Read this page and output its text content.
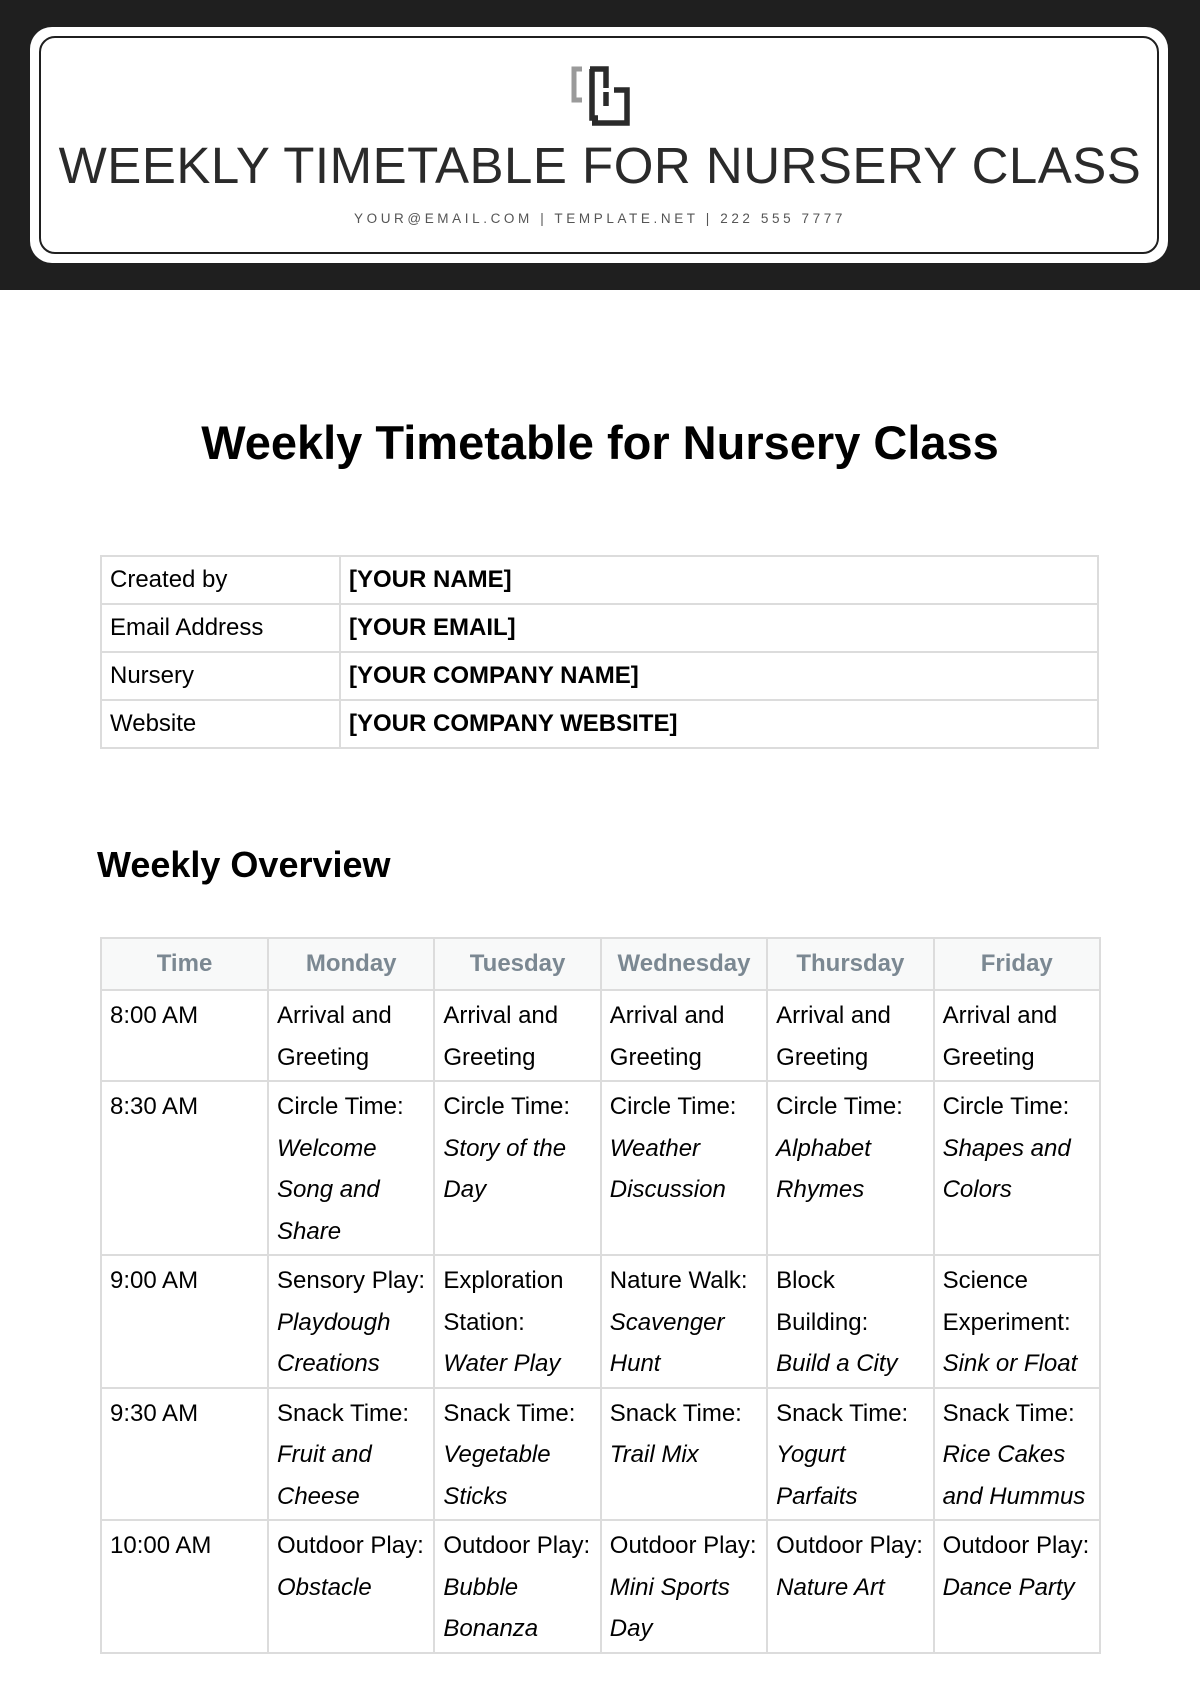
WEEKLY TIMETABLE FOR NURSERY CLASS
YOUR@EMAIL.COM | TEMPLATE.NET | 222 555 7777
Weekly Timetable for Nursery Class
Created by	[YOUR NAME]
Email Address	[YOUR EMAIL]
Nursery	[YOUR COMPANY NAME]
Website	[YOUR COMPANY WEBSITE]
Weekly Overview
Time	Monday	Tuesday	Wednesday	Thursday	Friday
8:00 AM	Arrival and Greeting	Arrival and Greeting	Arrival and Greeting	Arrival and Greeting	Arrival and Greeting
8:30 AM	Circle Time: Welcome Song and Share	Circle Time: Story of the Day	Circle Time: Weather Discussion	Circle Time: Alphabet Rhymes	Circle Time: Shapes and Colors
9:00 AM	Sensory Play: Playdough Creations	Exploration Station: Water Play	Nature Walk: Scavenger Hunt	Block Building: Build a City	Science Experiment: Sink or Float
9:30 AM	Snack Time: Fruit and Cheese	Snack Time: Vegetable Sticks	Snack Time: Trail Mix	Snack Time: Yogurt Parfaits	Snack Time: Rice Cakes and Hummus
10:00 AM	Outdoor Play: Obstacle	Outdoor Play: Bubble Bonanza	Outdoor Play: Mini Sports Day	Outdoor Play: Nature Art	Outdoor Play: Dance Party
